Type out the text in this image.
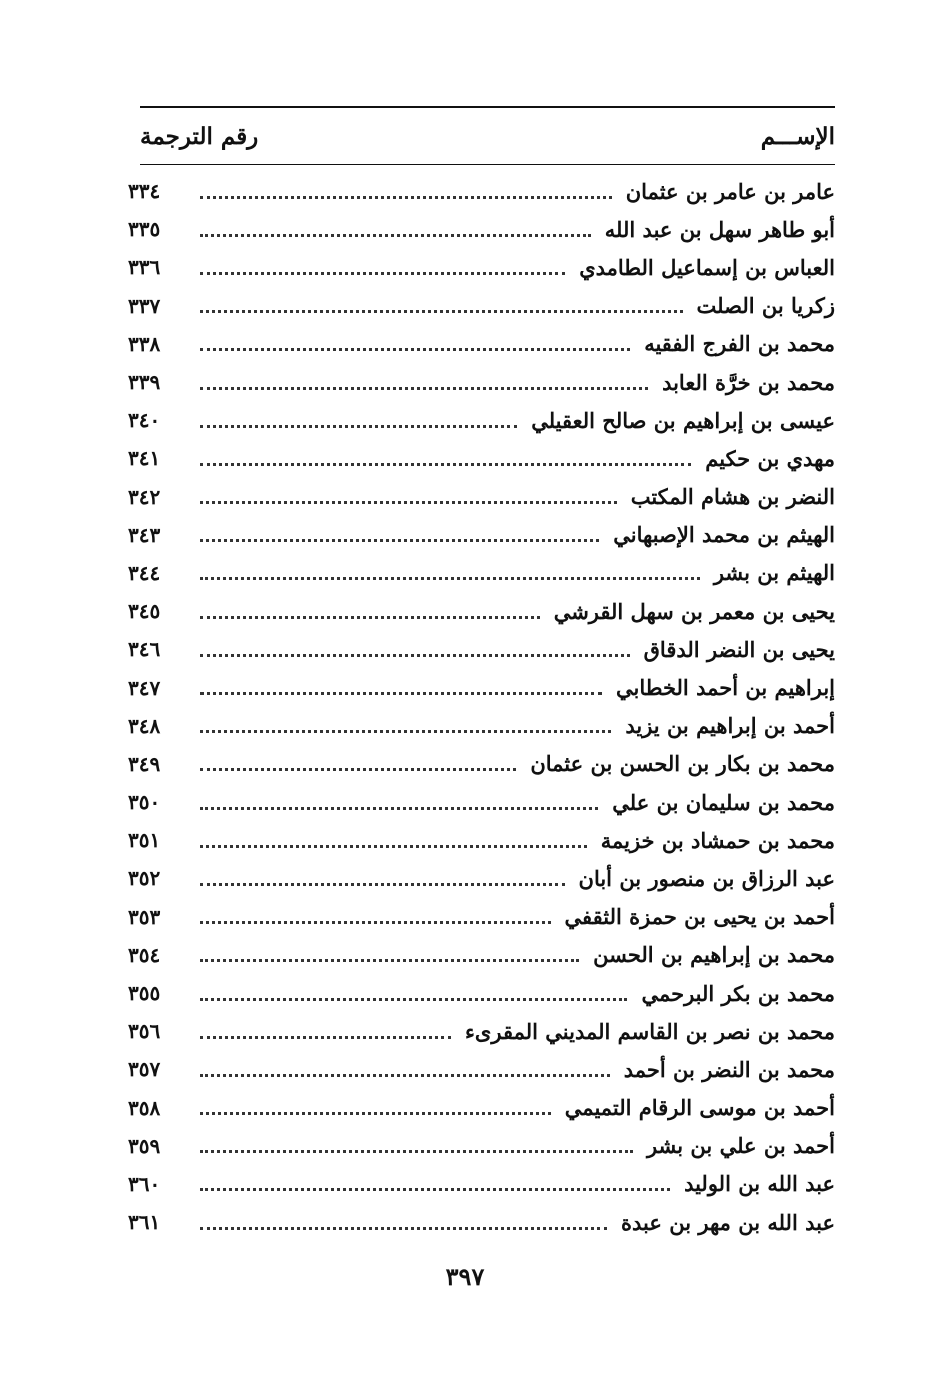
الإســـم
رقم الترجمة
عامر بن عامر بن عثمان
٣٣٤
أبو طاهر سهل بن عبد الله
٣٣٥
العباس بن إسماعيل الطامدي
٣٣٦
زكريا بن الصلت
٣٣٧
محمد بن الفرج الفقيه
٣٣٨
محمد بن خرَّة العابد
٣٣٩
عيسى بن إبراهيم بن صالح العقيلي
٣٤٠
مهدي بن حكيم
٣٤١
النضر بن هشام المكتب
٣٤٢
الهيثم بن محمد الإصبهاني
٣٤٣
الهيثم بن بشر
٣٤٤
يحيى بن معمر بن سهل القرشي
٣٤٥
يحيى بن النضر الدقاق
٣٤٦
إبراهيم بن أحمد الخطابي
٣٤٧
أحمد بن إبراهيم بن يزيد
٣٤٨
محمد بن بكار بن الحسن بن عثمان
٣٤٩
محمد بن سليمان بن علي
٣٥٠
محمد بن حمشاد بن خزيمة
٣٥١
عبد الرزاق بن منصور بن أبان
٣٥٢
أحمد بن يحيى بن حمزة الثقفي
٣٥٣
محمد بن إبراهيم بن الحسن
٣٥٤
محمد بن بكر البرحمي
٣٥٥
محمد بن نصر بن القاسم المديني المقرىء
٣٥٦
محمد بن النضر بن أحمد
٣٥٧
أحمد بن موسى الرقام التميمي
٣٥٨
أحمد بن علي بن بشر
٣٥٩
عبد الله بن الوليد
٣٦٠
عبد الله بن مهر بن عبدة
٣٦١
٣٩٧
